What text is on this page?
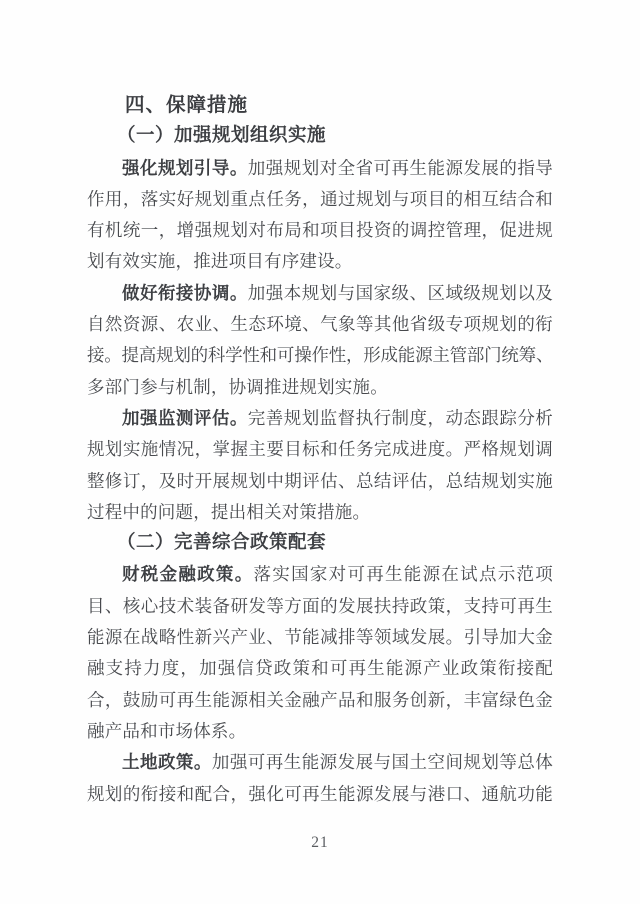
四、保障措施
（一）加强规划组织实施
强化规划引导。加强规划对全省可再生能源发展的指导
作用，落实好规划重点任务，通过规划与项目的相互结合和
有机统一，增强规划对布局和项目投资的调控管理，促进规
划有效实施，推进项目有序建设。
做好衔接协调。加强本规划与国家级、区域级规划以及
自然资源、农业、生态环境、气象等其他省级专项规划的衔
接。提高规划的科学性和可操作性，形成能源主管部门统筹、
多部门参与机制，协调推进规划实施。
加强监测评估。完善规划监督执行制度，动态跟踪分析
规划实施情况，掌握主要目标和任务完成进度。严格规划调
整修订，及时开展规划中期评估、总结评估，总结规划实施
过程中的问题，提出相关对策措施。
（二）完善综合政策配套
财税金融政策。落实国家对可再生能源在试点示范项
目、核心技术装备研发等方面的发展扶持政策，支持可再生
能源在战略性新兴产业、节能减排等领域发展。引导加大金
融支持力度，加强信贷政策和可再生能源产业政策衔接配
合，鼓励可再生能源相关金融产品和服务创新，丰富绿色金
融产品和市场体系。
土地政策。加强可再生能源发展与国土空间规划等总体
规划的衔接和配合，强化可再生能源发展与港口、通航功能
21
